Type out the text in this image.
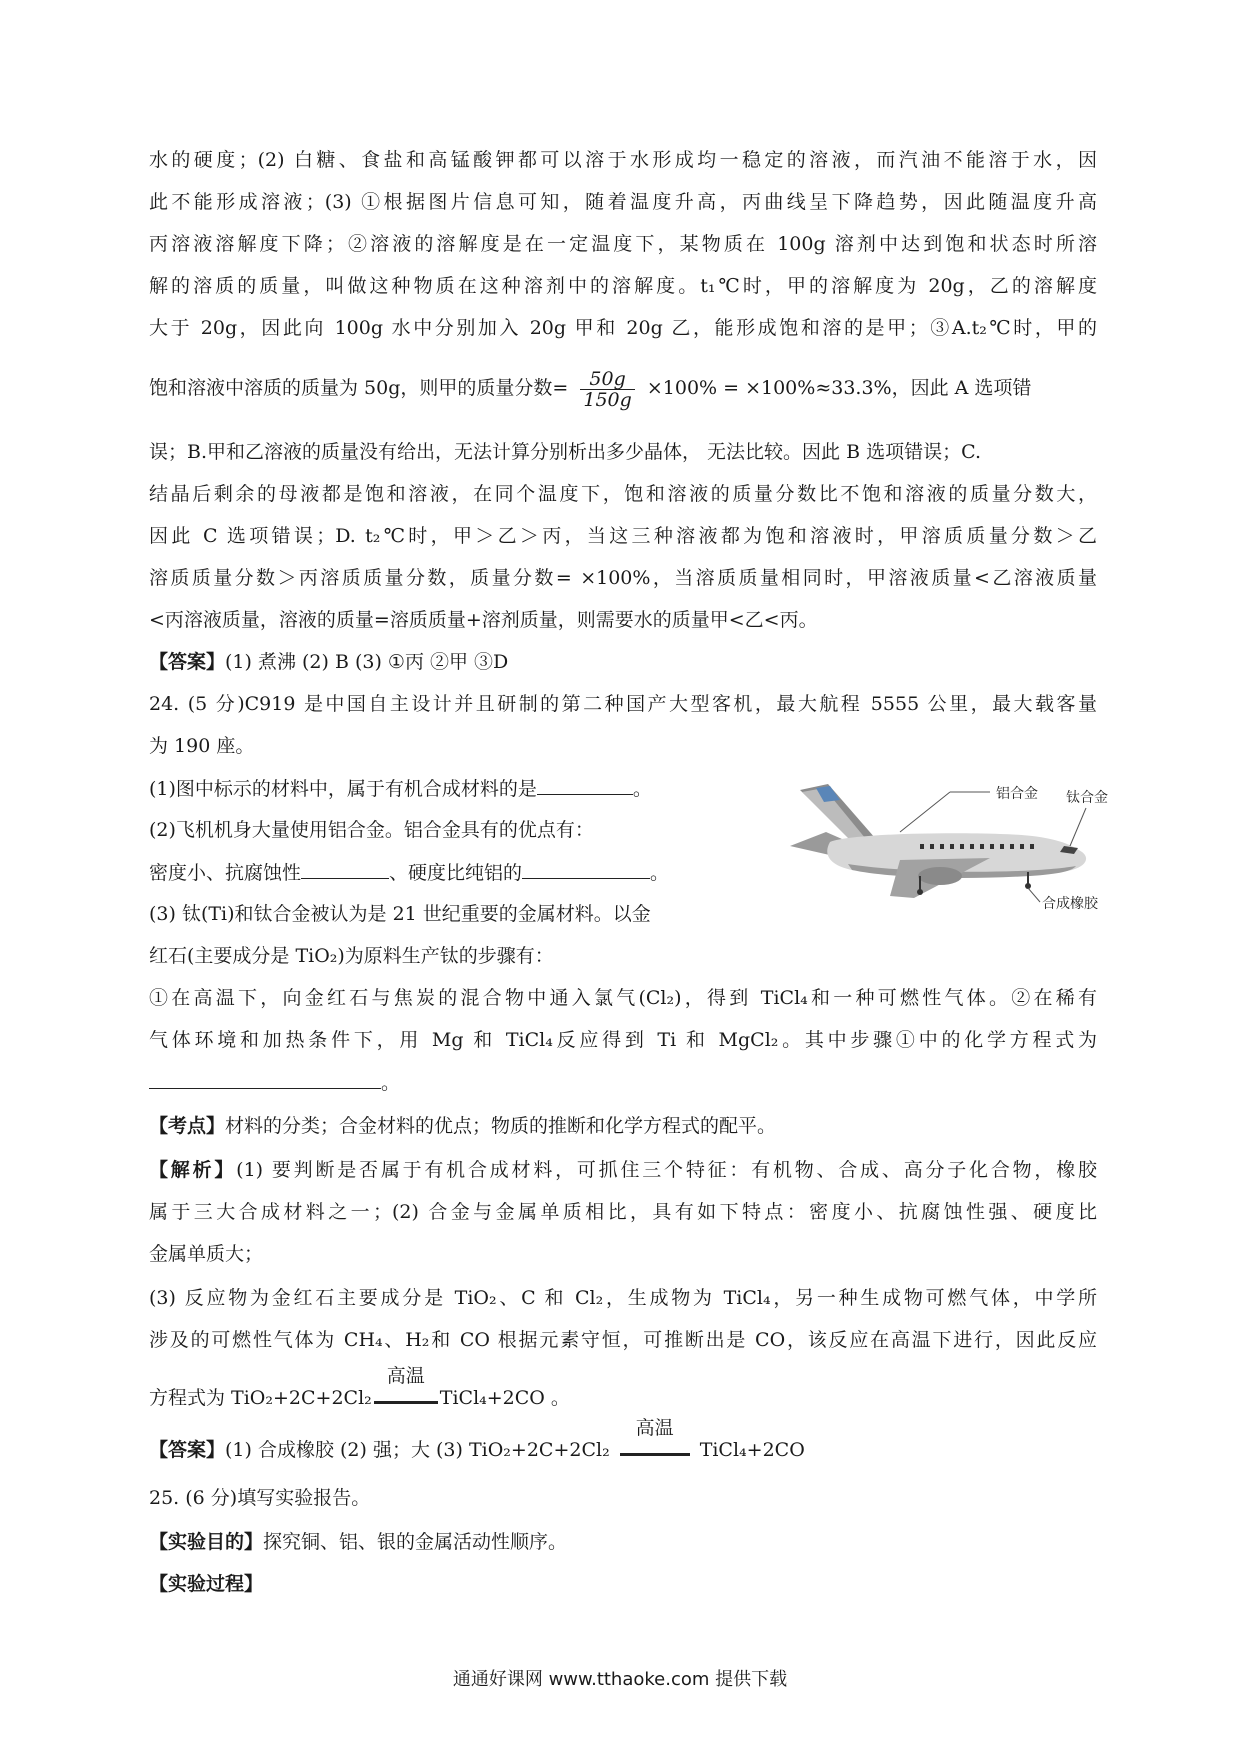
水的硬度；(2) 白糖、食盐和高锰酸钾都可以溶于水形成均一稳定的溶液，而汽油不能溶于水，因
此不能形成溶液；(3) ①根据图片信息可知，随着温度升高，丙曲线呈下降趋势，因此随温度升高
丙溶液溶解度下降；②溶液的溶解度是在一定温度下，某物质在 100g 溶剂中达到饱和状态时所溶
解的溶质的质量，叫做这种物质在这种溶剂中的溶解度。t₁℃时，甲的溶解度为 20g，乙的溶解度
大于 20g，因此向 100g 水中分别加入 20g 甲和 20g 乙，能形成饱和溶的是甲；③A.t₂℃时，甲的
饱和溶液中溶质的质量为 50g，则甲的质量分数= $\frac{50g}{150g} \times 100\% = \times 100\%\approx 33.3\%$，因此 A 选项错
误；B.甲和乙溶液的质量没有给出，无法计算分别析出多少晶体， 无法比较。因此 B 选项错误；C.
结晶后剩余的母液都是饱和溶液，在同个温度下，饱和溶液的质量分数比不饱和溶液的质量分数大，
因此 C 选项错误；D. t₂℃时，甲＞乙＞丙，当这三种溶液都为饱和溶液时，甲溶质质量分数＞乙
溶质质量分数＞丙溶质质量分数，质量分数= ×100%，当溶质质量相同时，甲溶液质量<乙溶液质量
<丙溶液质量，溶液的质量=溶质质量+溶剂质量，则需要水的质量甲<乙<丙。
【答案】(1) 煮沸 (2) B (3) ①丙 ②甲 ③D
24. (5 分)C919 是中国自主设计并且研制的第二种国产大型客机，最大航程 5555 公里，最大载客量
为 190 座。
(1)图中标示的材料中，属于有机合成材料的是	。
(2)飞机机身大量使用铝合金。铝合金具有的优点有：
密度小、抗腐蚀性	、硬度比纯铝的	。
(3) 钛(Ti)和钛合金被认为是 21 世纪重要的金属材料。以金
红石(主要成分是 TiO₂)为原料生产钛的步骤有：
①在高温下，向金红石与焦炭的混合物中通入氯气(Cl₂)，得到 TiCl₄和一种可燃性气体。②在稀有
气体环境和加热条件下，用 Mg 和 TiCl₄反应得到 Ti 和 MgCl₂。其中步骤①中的化学方程式为
。
【考点】材料的分类；合金材料的优点；物质的推断和化学方程式的配平。
【解析】(1) 要判断是否属于有机合成材料，可抓住三个特征：有机物、合成、高分子化合物，橡胶
属于三大合成材料之一；(2) 合金与金属单质相比，具有如下特点：密度小、抗腐蚀性强、硬度比
金属单质大；
(3) 反应物为金红石主要成分是 TiO₂、C 和 Cl₂，生成物为 TiCl₄，另一种生成物可燃气体，中学所
涉及的可燃性气体为 CH₄、H₂和 CO 根据元素守恒，可推断出是 CO，该反应在高温下进行，因此反应
方程式为 TiO₂+2C+2Cl₂
高温
TiCl₄+2CO 。
【答案】(1) 合成橡胶 (2) 强；大 (3) TiO₂+2C+2Cl₂
高温
TiCl₄+2CO
25. (6 分)填写实验报告。
【实验目的】探究铜、铝、银的金属活动性顺序。
【实验过程】
铝合金 钛合金
合成橡胶
通通好课网 www.tthaoke.com 提供下载
